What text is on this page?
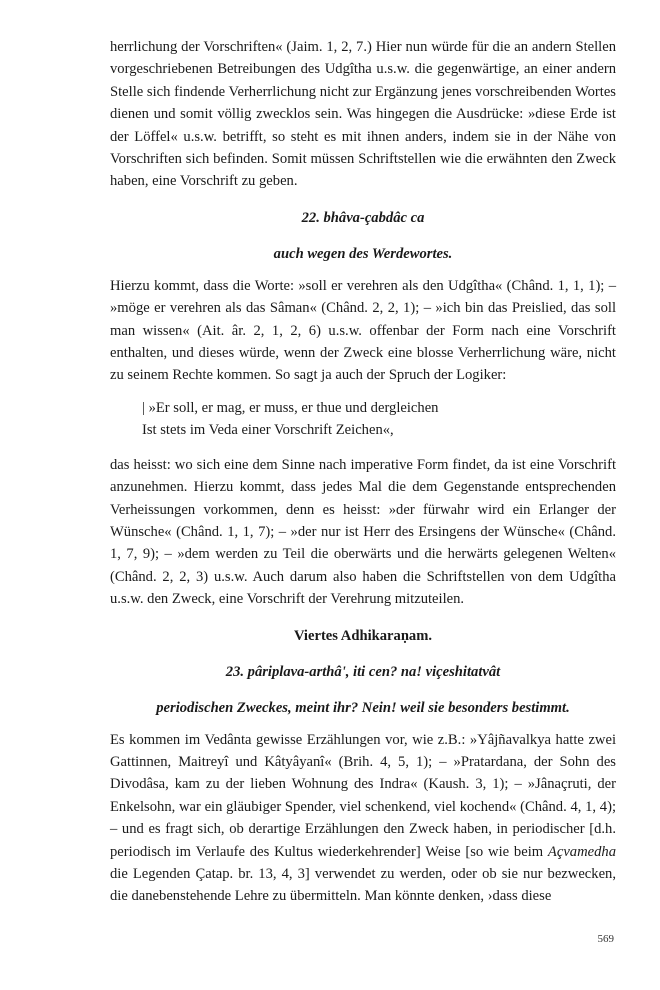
herrlichung der Vorschriften« (Jaim. 1, 2, 7.) Hier nun würde für die an andern Stellen vorgeschriebenen Betreibungen des Udgîtha u.s.w. die gegenwärtige, an einer andern Stelle sich findende Verherrlichung nicht zur Ergänzung jenes vorschreibenden Wortes dienen und somit völlig zwecklos sein. Was hingegen die Ausdrücke: »diese Erde ist der Löffel« u.s.w. betrifft, so steht es mit ihnen anders, indem sie in der Nähe von Vorschriften sich befinden. Somit müssen Schriftstellen wie die erwähnten den Zweck haben, eine Vorschrift zu geben.

22. bhâva-çabdâc ca
auch wegen des Werdewortes.

Hierzu kommt, dass die Worte: »soll er verehren als den Udgîtha« (Chând. 1, 1, 1); – »möge er verehren als das Sâman« (Chând. 2, 2, 1); – »ich bin das Preislied, das soll man wissen« (Ait. âr. 2, 1, 2, 6) u.s.w. offenbar der Form nach eine Vorschrift enthalten, und dieses würde, wenn der Zweck eine blosse Verherrlichung wäre, nicht zu seinem Rechte kommen. So sagt ja auch der Spruch der Logiker:

| »Er soll, er mag, er muss, er thue und dergleichen

Ist stets im Veda einer Vorschrift Zeichen«,

das heisst: wo sich eine dem Sinne nach imperative Form findet, da ist eine Vorschrift anzunehmen. Hierzu kommt, dass jedes Mal die dem Gegenstande entsprechenden Verheissungen vorkommen, denn es heisst: »der fürwahr wird ein Erlanger der Wünsche« (Chând. 1, 1, 7); – »der nur ist Herr des Ersingens der Wünsche« (Chând. 1, 7, 9); – »dem werden zu Teil die oberwärts und die herwärts gelegenen Welten« (Chând. 2, 2, 3) u.s.w. Auch darum also haben die Schriftstellen von dem Udgîtha u.s.w. den Zweck, eine Vorschrift der Verehrung mitzuteilen.

Viertes Adhikaraṇam.
23. pâriplava-arthâ', iti cen? na! viçeshitatvât
periodischen Zweckes, meint ihr? Nein! weil sie besonders bestimmt.

Es kommen im Vedânta gewisse Erzählungen vor, wie z.B.: »Yâjñavalkya hatte zwei Gattinnen, Maitreyî und Kâtyâyanî« (Brih. 4, 5, 1); – »Pratardana, der Sohn des Divodâsa, kam zu der lieben Wohnung des Indra« (Kaush. 3, 1); – »Jânaçruti, der Enkelsohn, war ein gläubiger Spender, viel schenkend, viel kochend« (Chând. 4, 1, 4); – und es fragt sich, ob derartige Erzählungen den Zweck haben, in periodischer [d.h. periodisch im Verlaufe des Kultus wiederkehrender] Weise [so wie beim Açvamedha die Legenden Çatap. br. 13, 4, 3] verwendet zu werden, oder ob sie nur bezwecken, die danebenstehende Lehre zu übermitteln. Man könnte denken, ›dass diese

569
